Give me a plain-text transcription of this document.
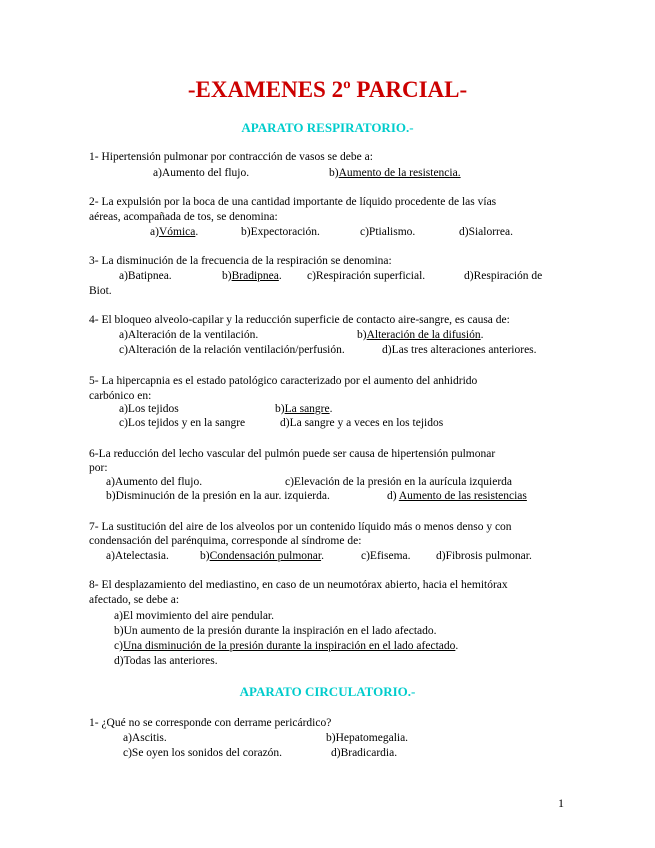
-EXAMENES 2º PARCIAL-
APARATO RESPIRATORIO.-
1- Hipertensión pulmonar por contracción de vasos se debe a:
a)Aumento del flujo.	b)Aumento de la resistencia.
2- La expulsión por la boca de una cantidad importante de líquido procedente de las vías
aéreas, acompañada de tos, se denomina:
a)Vómica.	b)Expectoración.	c)Ptialismo.	d)Sialorrea.
3- La disminución de la frecuencia de la respiración se denomina:
a)Batipnea.	b)Bradipnea. c)Respiración superficial.	d)Respiración de
Biot.
4- El bloqueo alveolo-capilar y la reducción superficie de contacto aire-sangre, es causa de:
a)Alteración de la ventilación.	b)Alteración de la difusión.
c)Alteración de la relación ventilación/perfusión.	d)Las tres alteraciones anteriores.
5- La hipercapnia es el estado patológico caracterizado por el aumento del anhidrido
carbónico en:
a)Los tejidos	b)La sangre.
c)Los tejidos y en la sangre	d)La sangre y a veces en los tejidos
6-La reducción del lecho vascular del pulmón puede ser causa de hipertensión pulmonar
por:
a)Aumento del flujo.	c)Elevación de la presión en la aurícula izquierda
b)Disminución de la presión en la aur. izquierda.	d) Aumento de las resistencias
7- La sustitución del aire de los alveolos por un contenido líquido más o menos denso y con
condensación del parénquima, corresponde al síndrome de:
a)Atelectasia.	b)Condensación pulmonar.	c)Efisema. d)Fibrosis pulmonar.
8- El desplazamiento del mediastino, en caso de un neumotórax abierto, hacia el hemitórax
afectado, se debe a:
a)El movimiento del aire pendular.
b)Un aumento de la presión durante la inspiración en el lado afectado.
c)Una disminución de la presión durante la inspiración en el lado afectado.
d)Todas las anteriores.
APARATO CIRCULATORIO.-
1- ¿Qué no se corresponde con derrame pericárdico?
a)Ascitis.	b)Hepatomegalia.
c)Se oyen los sonidos del corazón.	d)Bradicardia.
1
